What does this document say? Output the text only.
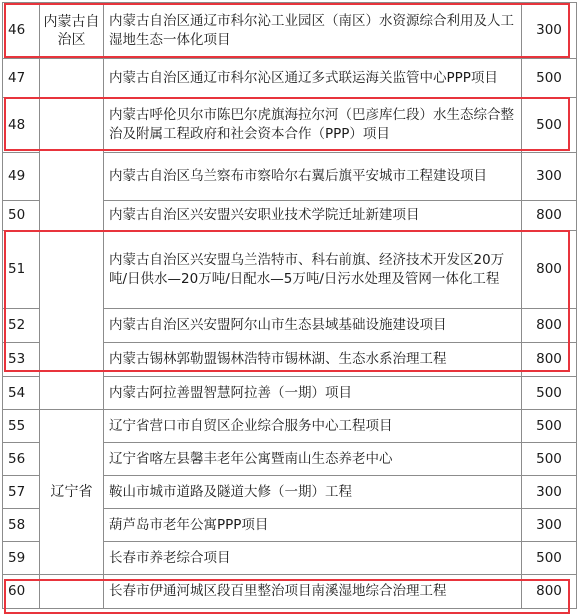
46	内蒙古自治区	内蒙古自治区通辽市科尔沁工业园区（南区）水资源综合利用及人工湿地生态一体化项目	300
47		内蒙古自治区通辽市科尔沁区通辽多式联运海关监管中心PPP项目	500
48		内蒙古呼伦贝尔市陈巴尔虎旗海拉尔河（巴彦库仁段）水生态综合整治及附属工程政府和社会资本合作（PPP）项目	500
49		内蒙古自治区乌兰察布市察哈尔右翼后旗平安城市工程建设项目	300
50		内蒙古自治区兴安盟兴安职业技术学院迁址新建项目	800
51		内蒙古自治区兴安盟乌兰浩特市、科右前旗、经济技术开发区20万吨/日供水—20万吨/日配水—5万吨/日污水处理及管网一体化工程	800
52		内蒙古自治区兴安盟阿尔山市生态县域基础设施建设项目	800
53		内蒙古锡林郭勒盟锡林浩特市锡林湖、生态水系治理工程	800
54		内蒙古阿拉善盟智慧阿拉善（一期）项目	500
55	辽宁省	辽宁省营口市自贸区企业综合服务中心工程项目	500
56		辽宁省喀左县馨丰老年公寓暨南山生态养老中心	500
57		鞍山市城市道路及隧道大修（一期）工程	300
58		葫芦岛市老年公寓PPP项目	300
59		长春市养老综合项目	500
60		长春市伊通河城区段百里整治项目南溪湿地综合治理工程	800
